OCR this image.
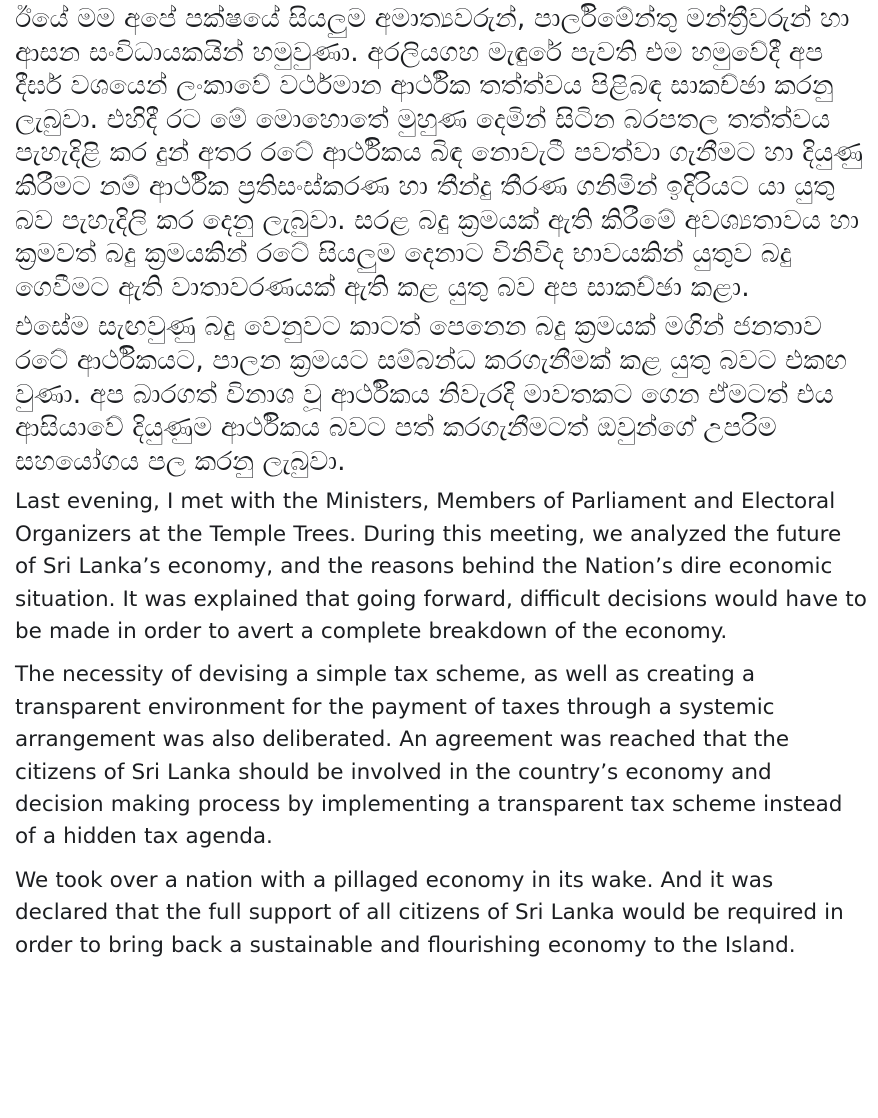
ඊයේ මම අපේ පක්ෂයේ සියලුම අමාත්‍යවරුන්, පාර්ලිමේන්තු මන්ත්‍රීවරුන් හා ආසන සංවිධායකයින් හමුවුණා. අරලියගහ මැඳුරේ පැවති එම හමුවේදී අප දීර්ඝ වශයෙන් ලංකාවේ වර්ථමාන ආර්ථික තත්ත්වය පිළිබඳ සාකච්ඡා කරනු ලැබුවා. එහිදී රට මේ මොහොතේ මුහුණ දෙමින් සිටින බරපතල තත්ත්වය පැහැදිළි කර දුන් අතර රටේ ආර්ථිකය බිඳ නොවැටී පවත්වා ගැනීමට හා දියුණු කිරීමට නම් ආර්ථික ප්‍රතිසංස්කරණ හා තීන්දු තීරණ ගනිමින් ඉදිරියට යා යුතු බව පැහැදිලි කර දෙනු ලැබුවා. සරළ බදු ක්‍රමයක් ඇති කිරීමේ අවශ්‍යතාවය හා ක්‍රමවත් බදු ක්‍රමයකින් රටේ සියලුම දෙනාට විනිවිද භාවයකින් යුතුව බදු ගෙවීමට ඇති වාතාවරණයක් ඇති කළ යුතු බව අප සාකච්ඡා කළා.

එසේම සැඟවුණු බදු වෙනුවට කාටත් පෙනෙන බදු ක්‍රමයක් මගින් ජනතාව රටේ ආර්ථිකයට, පාලන ක්‍රමයට සම්බන්ධ කරගැනීමක් කළ යුතු බවට එකඟ වුණා. අප බාරගත් විනාශ වූ ආර්ථිකය නිවැරදි මාවතකට ගෙන ඒමටත් එය ආසියාවේ දියුණුම ආර්ථිකය බවට පත් කරගැනීමටත් ඔවුන්ගේ උපරිම සහයෝගය පල කරනු ලැබුවා.

Last evening, I met with the Ministers, Members of Parliament and Electoral Organizers at the Temple Trees. During this meeting, we analyzed the future of Sri Lanka’s economy, and the reasons behind the Nation’s dire economic situation. It was explained that going forward, difficult decisions would have to be made in order to avert a complete breakdown of the economy.

The necessity of devising a simple tax scheme, as well as creating a transparent environment for the payment of taxes through a systemic arrangement was also deliberated. An agreement was reached that the citizens of Sri Lanka should be involved in the country’s economy and decision making process by implementing a transparent tax scheme instead of a hidden tax agenda.

We took over a nation with a pillaged economy in its wake. And it was declared that the full support of all citizens of Sri Lanka would be required in order to bring back a sustainable and flourishing economy to the Island.
